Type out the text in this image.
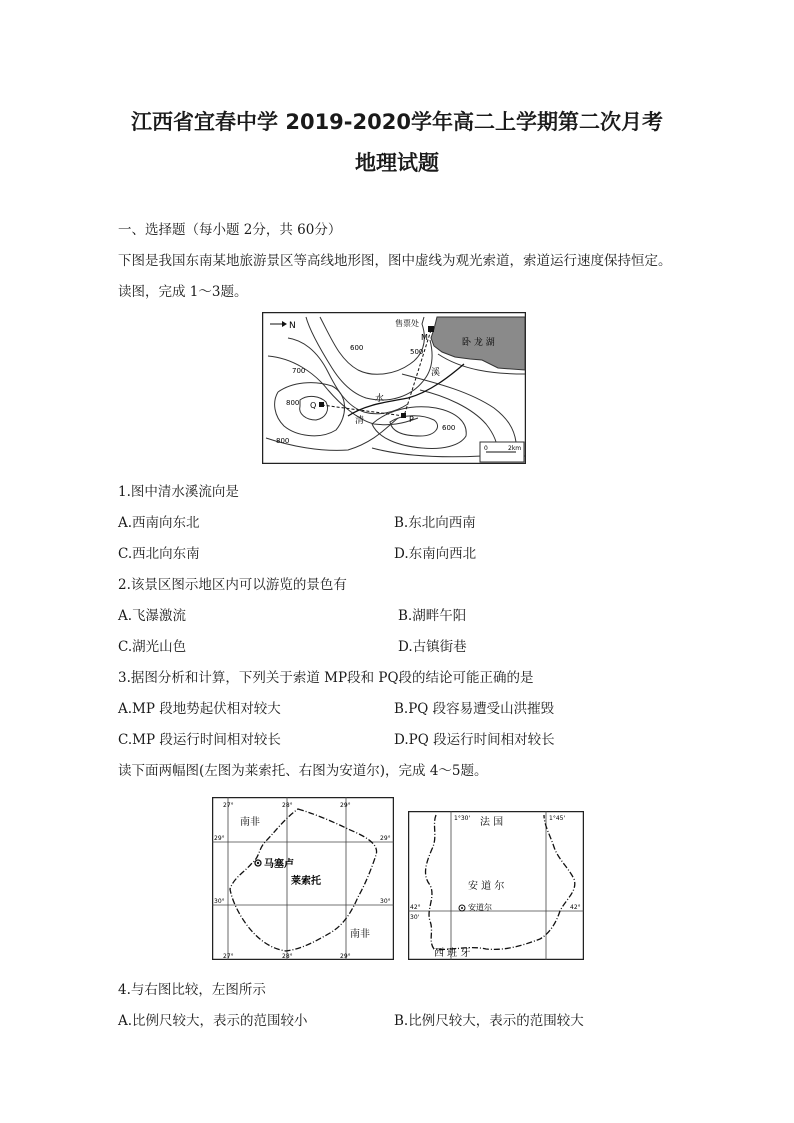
江西省宜春中学 2019-2020学年高二上学期第二次月考
地理试题
一、选择题（每小题 2分，共 60分）
下图是我国东南某地旅游景区等高线地形图，图中虚线为观光索道，索道运行速度保持恒定。
读图，完成 1～3题。
N	售票处
M
Q
P
卧 龙 湖
溪
水
清
600	500
700
800
600
800
0	2km
1.图中清水溪流向是
A.西南向东北	B.东北向西南
C.西北向东南	D.东南向西北
2.该景区图示地区内可以游览的景色有
A.飞瀑激流	B.湖畔午阳
C.湖光山色	D.古镇街巷
3.据图分析和计算，下列关于索道 MP段和 PQ段的结论可能正确的是
A.MP 段地势起伏相对较大	B.PQ 段容易遭受山洪摧毁
C.MP 段运行时间相对较长	D.PQ 段运行时间相对较长
读下面两幅图(左图为莱索托、右图为安道尔)，完成 4～5题。
27°	28°	29°
27°	28°	29°
29°	29°
30°	30°
南非
南非
马塞卢
莱索托
1°30'	1°45'
42°	42°
30'
法 国
安 道 尔
安道尔
西 班 牙
4.与右图比较，左图所示
A.比例尺较大，表示的范围较小	B.比例尺较大，表示的范围较大
